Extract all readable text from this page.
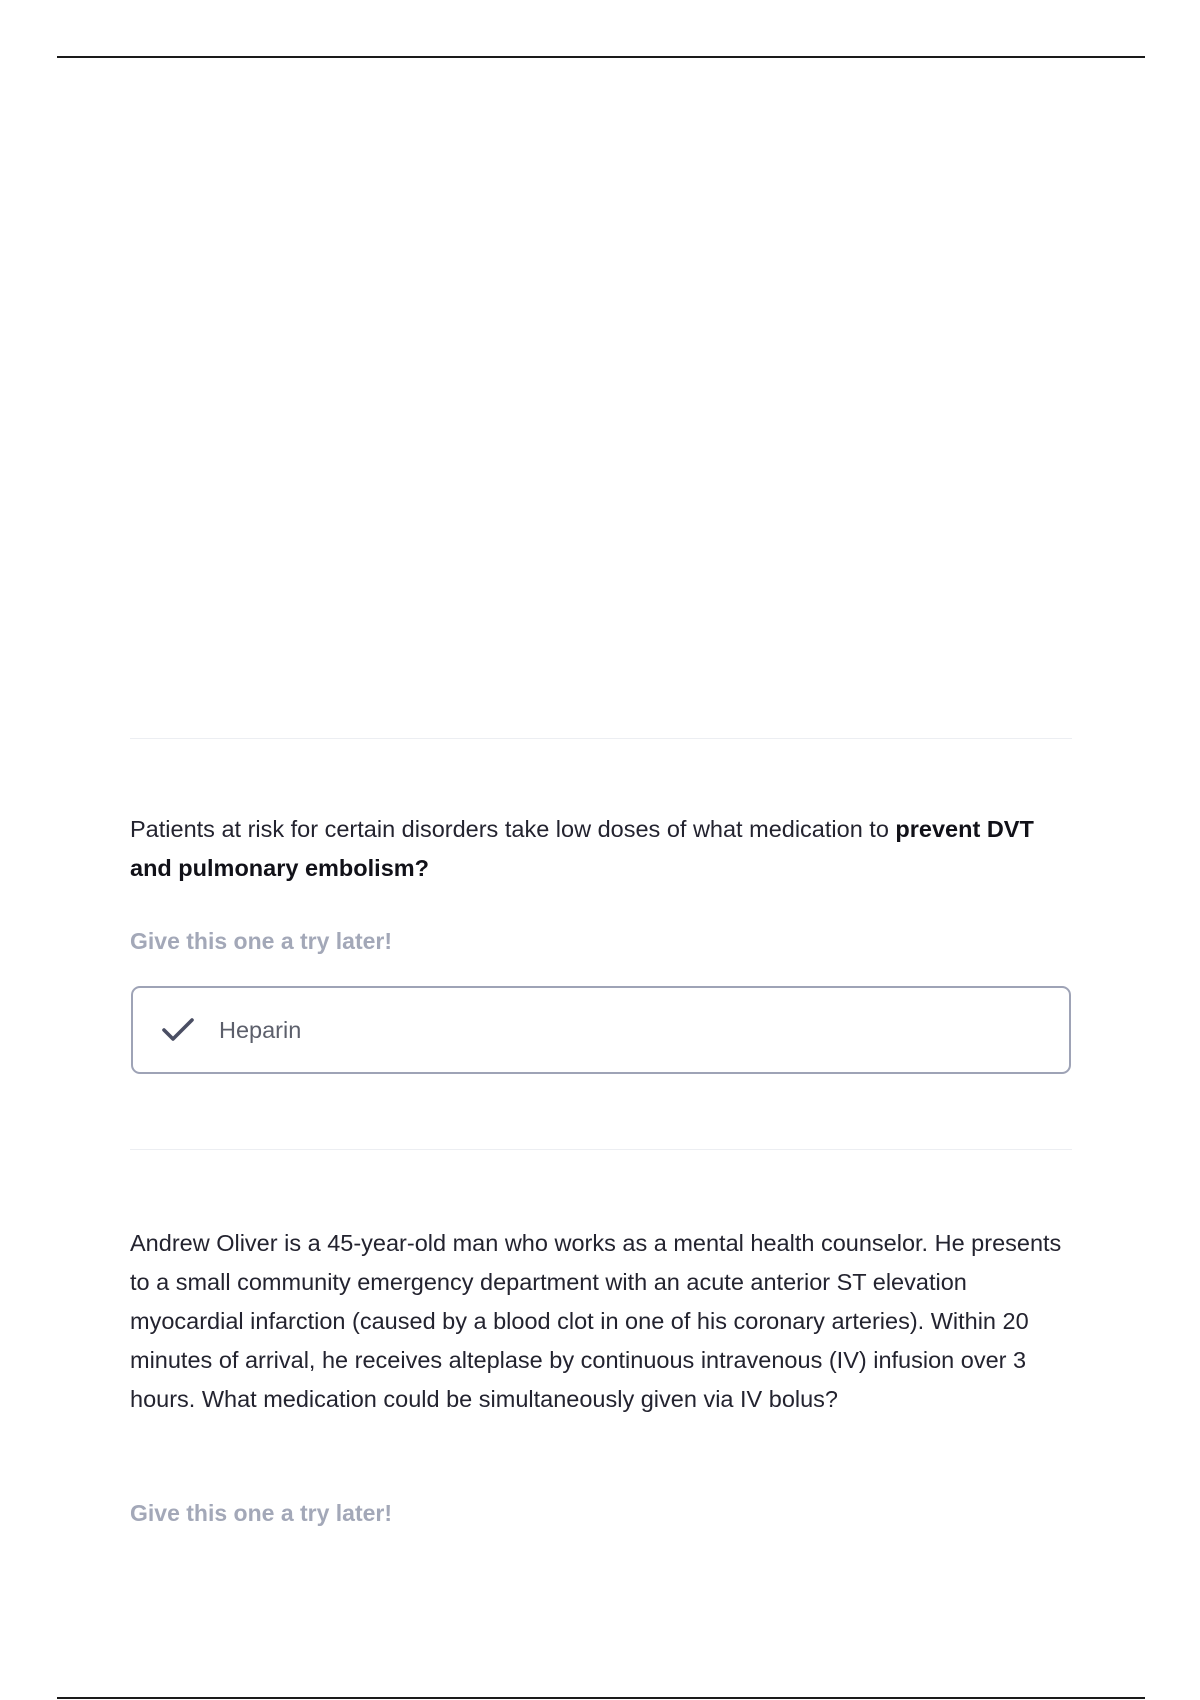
Patients at risk for certain disorders take low doses of what medication to prevent DVT and pulmonary embolism?
Give this one a try later!
Heparin
Andrew Oliver is a 45-year-old man who works as a mental health counselor. He presents to a small community emergency department with an acute anterior ST elevation myocardial infarction (caused by a blood clot in one of his coronary arteries). Within 20 minutes of arrival, he receives alteplase by continuous intravenous (IV) infusion over 3 hours. What medication could be simultaneously given via IV bolus?
Give this one a try later!
